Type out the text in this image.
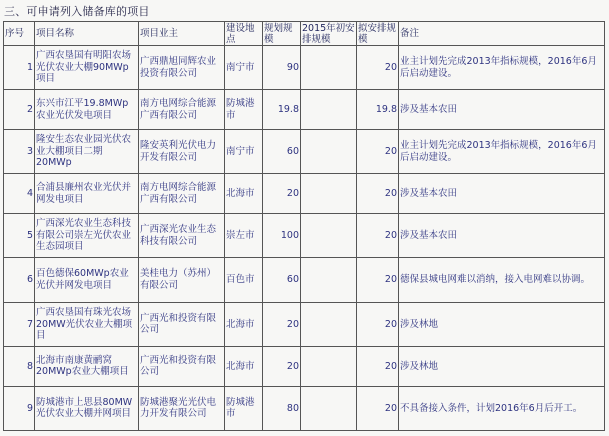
三、可申请列入储备库的项目
序号	项目名称	项目业主	建设地点	规划规模	2015年初安排规模	拟安排规模	备注
1	广西农垦国有明阳农场光伏农业大棚90MWp项目	广西鼎旭同辉农业投资有限公司	南宁市	90		20	业主计划先完成2013年指标规模，2016年6月后启动建设。
2	东兴市江平19.8MWp农业光伏发电项目	南方电网综合能源广西有限公司	防城港市	19.8		19.8	涉及基本农田
3	隆安生态农业园光伏农业大棚项目二期20MWp	隆安英利光伏电力开发有限公司	南宁市	60		20	业主计划先完成2013年指标规模，2016年6月后启动建设。
4	合浦县廉州农业光伏并网发电项目	南方电网综合能源广西有限公司	北海市	20		20	涉及基本农田
5	广西深光农业生态科技有限公司崇左光伏农业生态园项目	广西深光农业生态科技有限公司	崇左市	100		20	涉及基本农田
6	百色德保60MWp农业光伏并网发电项目	美桂电力（苏州）有限公司	百色市	60		20	德保县城电网难以消纳，接入电网难以协调。
7	广西农垦国有珠光农场20MW光伏农业大棚项目	广西光和投资有限公司	北海市	20		20	涉及林地
8	北海市南康黄鹂窝20MWp农业大棚项目	广西光和投资有限公司	北海市	20		20	涉及林地
9	防城港市上思县80MW光伏农业大棚并网项目	防城港聚光光伏电力开发有限公司	防城港市	80		20	不具备接入条件，计划2016年6月后开工。
